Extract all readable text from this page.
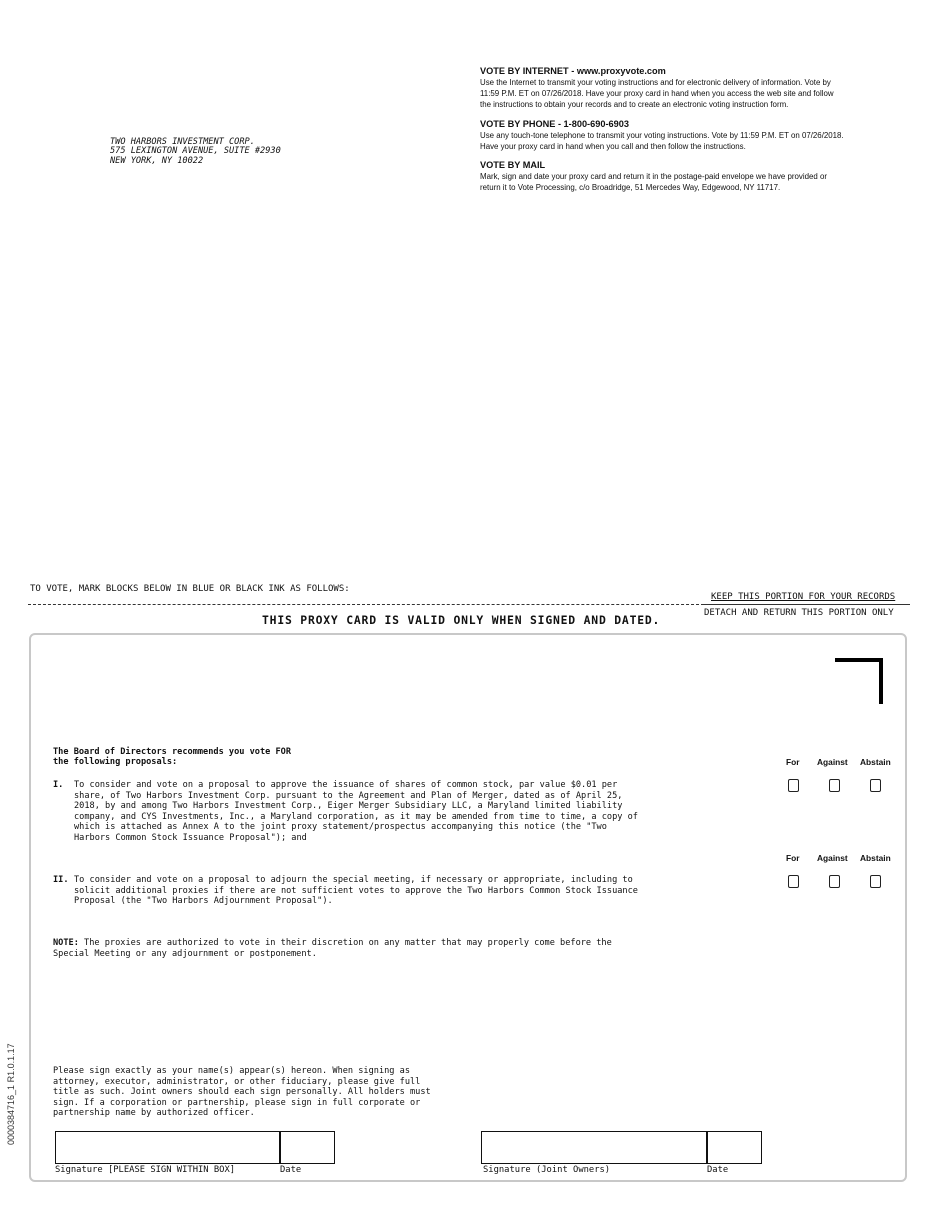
TWO HARBORS INVESTMENT CORP.
575 LEXINGTON AVENUE, SUITE #2930
NEW YORK, NY 10022
VOTE BY INTERNET - www.proxyvote.com
Use the Internet to transmit your voting instructions and for electronic delivery of information. Vote by 11:59 P.M. ET on 07/26/2018. Have your proxy card in hand when you access the web site and follow the instructions to obtain your records and to create an electronic voting instruction form.
VOTE BY PHONE - 1-800-690-6903
Use any touch-tone telephone to transmit your voting instructions. Vote by 11:59 P.M. ET on 07/26/2018. Have your proxy card in hand when you call and then follow the instructions.
VOTE BY MAIL
Mark, sign and date your proxy card and return it in the postage-paid envelope we have provided or return it to Vote Processing, c/o Broadridge, 51 Mercedes Way, Edgewood, NY 11717.
TO VOTE, MARK BLOCKS BELOW IN BLUE OR BLACK INK AS FOLLOWS:
KEEP THIS PORTION FOR YOUR RECORDS
DETACH AND RETURN THIS PORTION ONLY
THIS PROXY CARD IS VALID ONLY WHEN SIGNED AND DATED.
The Board of Directors recommends you vote FOR
the following proposals:	For Against Abstain
I. To consider and vote on a proposal to approve the issuance of shares of common stock, par value $0.01 per
share, of Two Harbors Investment Corp. pursuant to the Agreement and Plan of Merger, dated as of April 25,
2018, by and among Two Harbors Investment Corp., Eiger Merger Subsidiary LLC, a Maryland limited liability
company, and CYS Investments, Inc., a Maryland corporation, as it may be amended from time to time, a copy of
which is attached as Annex A to the joint proxy statement/prospectus accompanying this notice (the "Two
Harbors Common Stock Issuance Proposal"); and
For Against Abstain
II. To consider and vote on a proposal to adjourn the special meeting, if necessary or appropriate, including to
solicit additional proxies if there are not sufficient votes to approve the Two Harbors Common Stock Issuance
Proposal (the "Two Harbors Adjournment Proposal").
NOTE: The proxies are authorized to vote in their discretion on any matter that may properly come before the
Special Meeting or any adjournment or postponement.
Please sign exactly as your name(s) appear(s) hereon. When signing as
attorney, executor, administrator, or other fiduciary, please give full
title as such. Joint owners should each sign personally. All holders must
sign. If a corporation or partnership, please sign in full corporate or
partnership name by authorized officer.
Signature [PLEASE SIGN WITHIN BOX]	Date	Signature (Joint Owners)	Date
0000384716_1 R1.0.1.17
